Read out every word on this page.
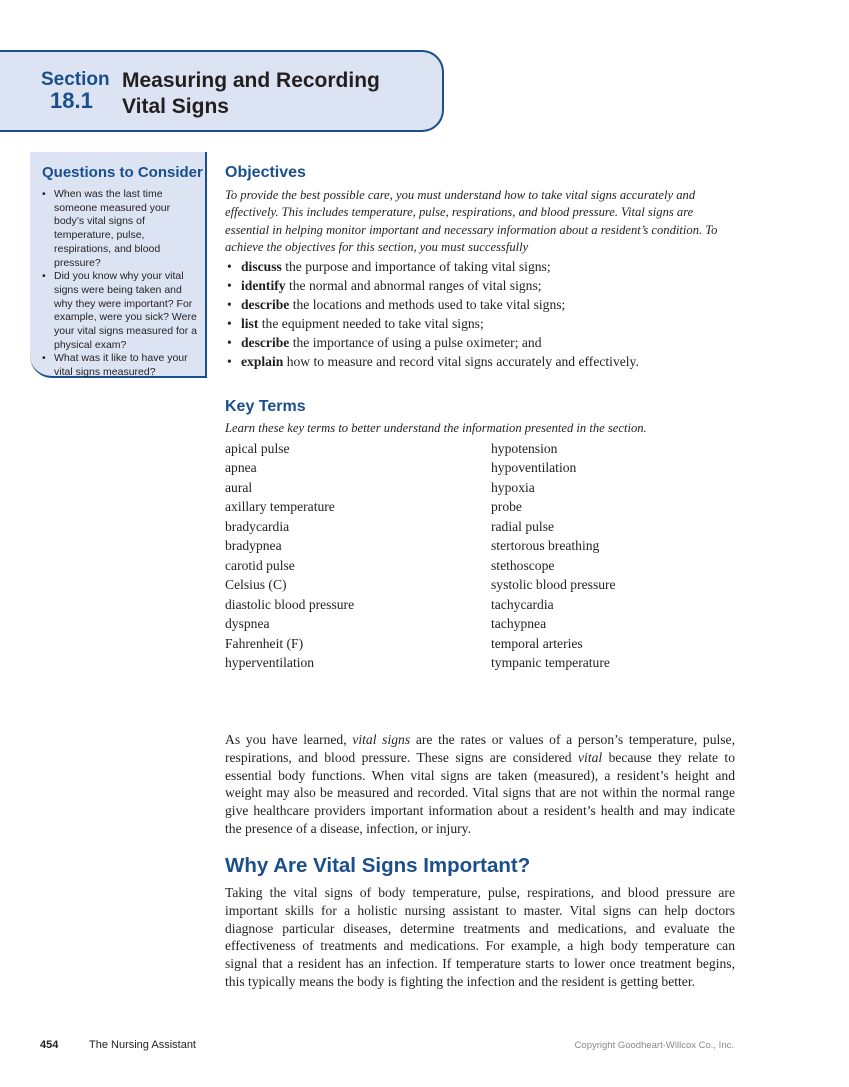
Section
18.1
Measuring and Recording
Vital Signs
Questions to Consider
• When was the last time someone measured your body’s vital signs of temperature, pulse, respirations, and blood pressure?
• Did you know why your vital signs were being taken and why they were important? For example, were you sick? Were your vital signs measured for a physical exam?
• What was it like to have your vital signs measured?
Objectives
To provide the best possible care, you must understand how to take vital signs accurately and effectively. This includes temperature, pulse, respirations, and blood pressure. Vital signs are essential in helping monitor important and necessary information about a resident’s condition. To achieve the objectives for this section, you must successfully
• discuss the purpose and importance of taking vital signs;
• identify the normal and abnormal ranges of vital signs;
• describe the locations and methods used to take vital signs;
• list the equipment needed to take vital signs;
• describe the importance of using a pulse oximeter; and
• explain how to measure and record vital signs accurately and effectively.
Key Terms
Learn these key terms to better understand the information presented in the section.
apical pulse
apnea
aural
axillary temperature
bradycardia
bradypnea
carotid pulse
Celsius (C)
diastolic blood pressure
dyspnea
Fahrenheit (F)
hyperventilation
hypotension
hypoventilation
hypoxia
probe
radial pulse
stertorous breathing
stethoscope
systolic blood pressure
tachycardia
tachypnea
temporal arteries
tympanic temperature

As you have learned, vital signs are the rates or values of a person’s temperature, pulse, respirations, and blood pressure. These signs are considered vital because they relate to essential body functions. When vital signs are taken (measured), a resident’s height and weight may also be measured and recorded. Vital signs that are not within the normal range give healthcare providers important information about a resident’s health and may indicate the presence of a disease, infection, or injury.

Why Are Vital Signs Important?

Taking the vital signs of body temperature, pulse, respirations, and blood pressure are important skills for a holistic nursing assistant to master. Vital signs can help doctors diagnose particular diseases, determine treatments and medications, and evaluate the effectiveness of treatments and medications. For example, a high body temperature can signal that a resident has an infection. If temperature starts to lower once treatment begins, this typically means the body is fighting the infection and the resident is getting better.

454	The Nursing Assistant	Copyright Goodheart-Willcox Co., Inc.
